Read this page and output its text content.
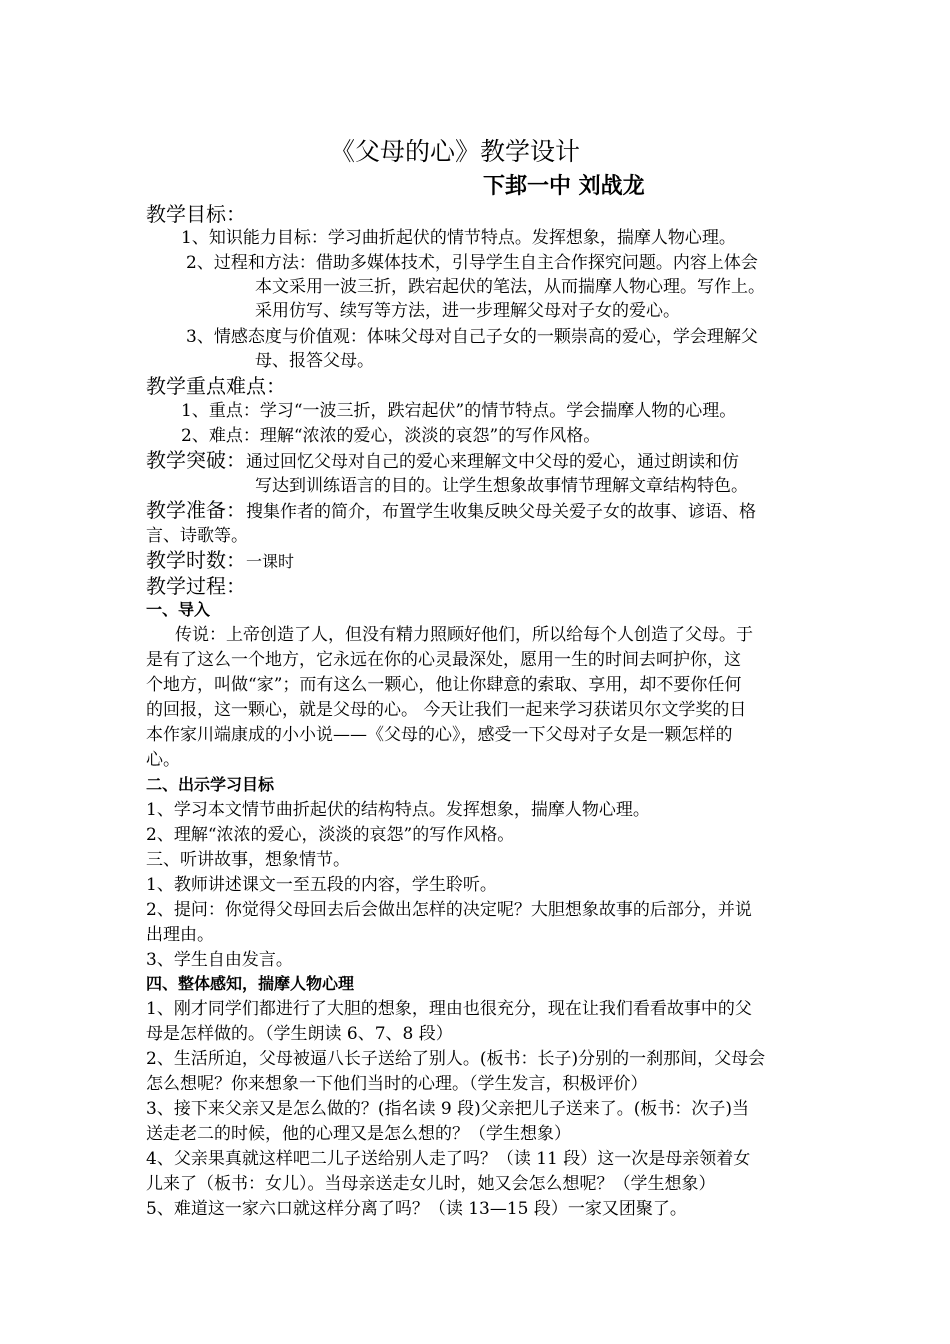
《父母的心》教学设计
下邽一中 刘战龙
教学目标：
1、知识能力目标：学习曲折起伏的情节特点。发挥想象，揣摩人物心理。
2、过程和方法：借助多媒体技术，引导学生自主合作探究问题。内容上体会
本文采用一波三折，跌宕起伏的笔法，从而揣摩人物心理。写作上。
采用仿写、续写等方法，进一步理解父母对子女的爱心。
3、情感态度与价值观：体味父母对自己子女的一颗崇高的爱心，学会理解父
母、报答父母。
教学重点难点：
1、重点：学习“一波三折，跌宕起伏”的情节特点。学会揣摩人物的心理。
2、难点：理解“浓浓的爱心，淡淡的哀怨”的写作风格。
教学突破：通过回忆父母对自己的爱心来理解文中父母的爱心，通过朗读和仿
写达到训练语言的目的。让学生想象故事情节理解文章结构特色。
教学准备：搜集作者的简介，布置学生收集反映父母关爱子女的故事、谚语、格
言、诗歌等。
教学时数：一课时
教学过程：
一、导入
传说：上帝创造了人，但没有精力照顾好他们，所以给每个人创造了父母。于
是有了这么一个地方，它永远在你的心灵最深处，愿用一生的时间去呵护你，这
个地方，叫做“家”；而有这么一颗心，他让你肆意的索取、享用，却不要你任何
的回报，这一颗心，就是父母的心。 今天让我们一起来学习获诺贝尔文学奖的日
本作家川端康成的小小说——《父母的心》，感受一下父母对子女是一颗怎样的
心。
二、出示学习目标
1、学习本文情节曲折起伏的结构特点。发挥想象，揣摩人物心理。
2、理解“浓浓的爱心，淡淡的哀怨”的写作风格。
三、听讲故事，想象情节。
1、教师讲述课文一至五段的内容，学生聆听。
2、提问：你觉得父母回去后会做出怎样的决定呢？大胆想象故事的后部分，并说
出理由。
3、学生自由发言。
四、整体感知，揣摩人物心理
1、刚才同学们都进行了大胆的想象，理由也很充分，现在让我们看看故事中的父
母是怎样做的。（学生朗读 6、7、8 段）
2、生活所迫，父母被逼八长子送给了别人。(板书：长子)分别的一刹那间，父母会
怎么想呢？你来想象一下他们当时的心理。（学生发言，积极评价）
3、接下来父亲又是怎么做的？(指名读 9 段)父亲把儿子送来了。(板书：次子)当
送走老二的时候，他的心理又是怎么想的？（学生想象）
4、父亲果真就这样吧二儿子送给别人走了吗？（读 11 段）这一次是母亲领着女
儿来了（板书：女儿）。当母亲送走女儿时，她又会怎么想呢？（学生想象）
5、难道这一家六口就这样分离了吗？（读 13—15 段）一家又团聚了。
